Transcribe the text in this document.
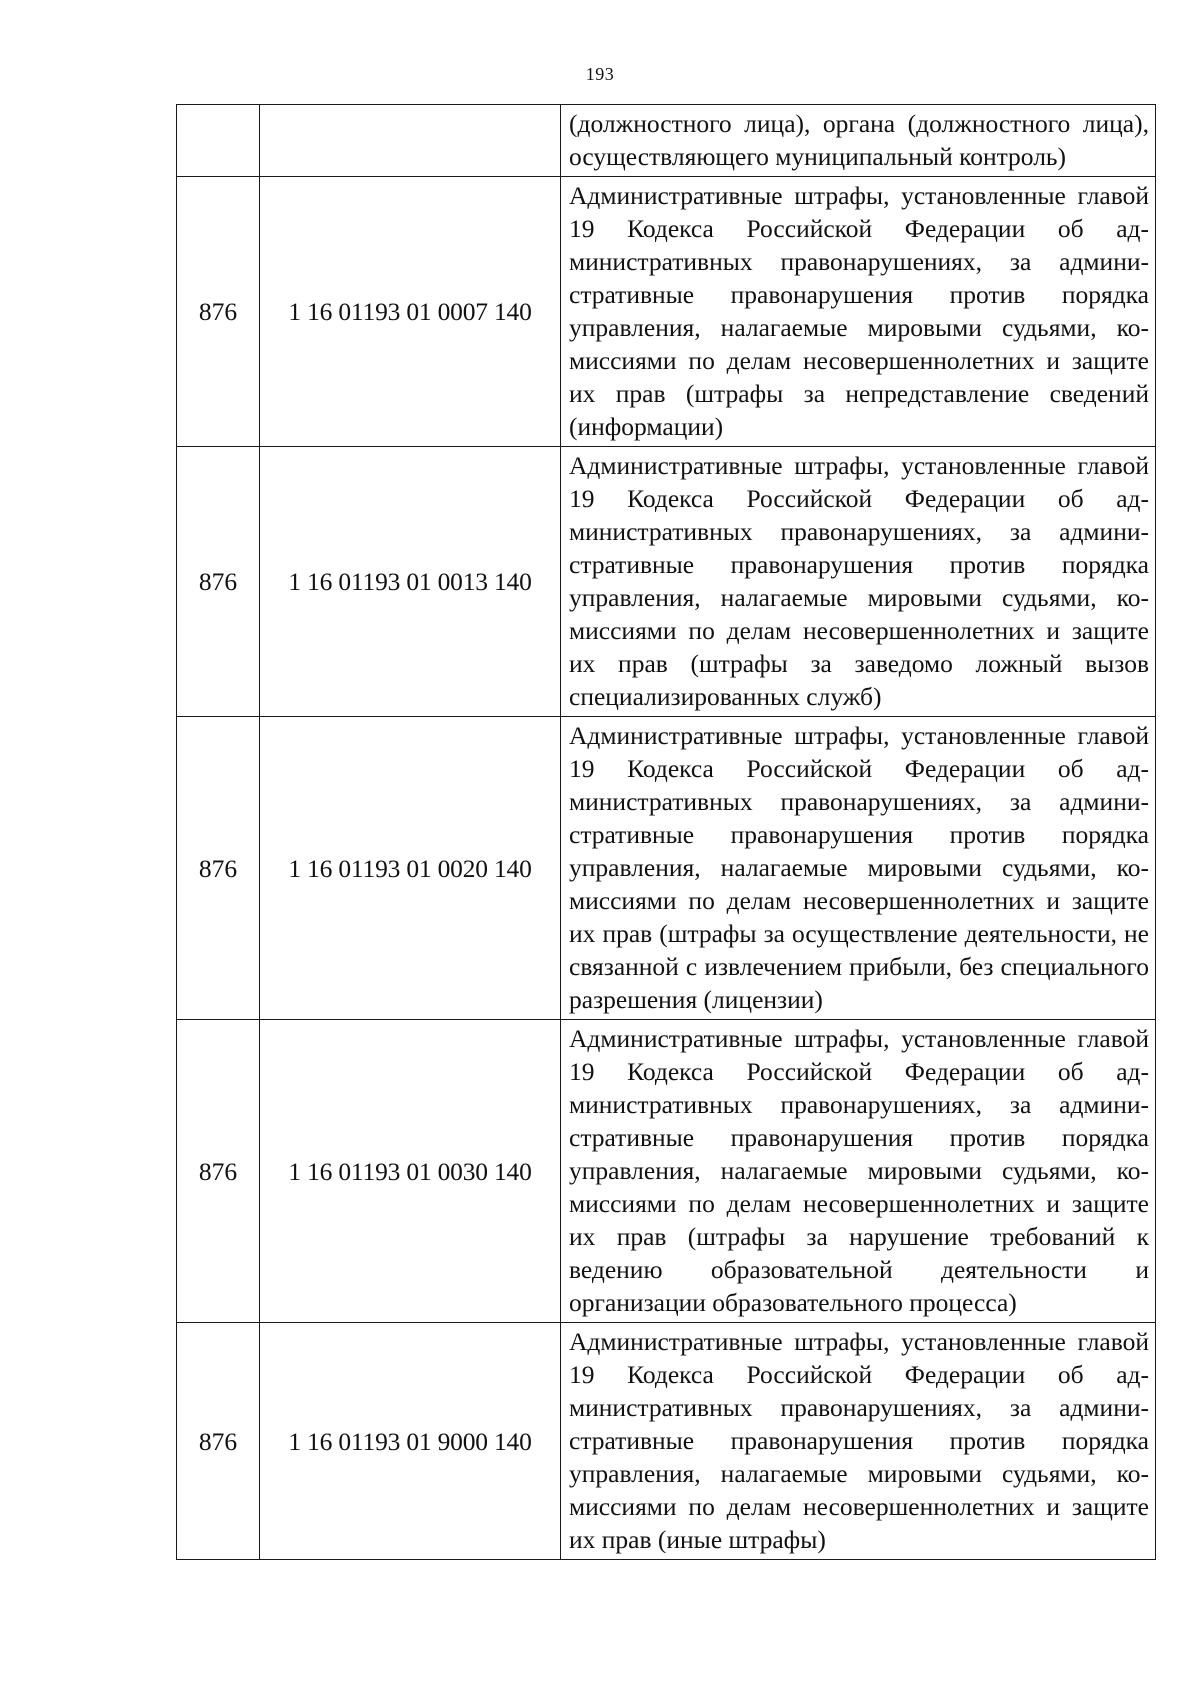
193

		(должностного лица), органа (должностного лица), осуществляющего муниципальный контроль)

876	1 16 01193 01 0007 140	Административные штрафы, установленные главой 19 Кодекса Российской Федерации об административных правонарушениях, за административные правонарушения против порядка управления, налагаемые мировыми судьями, комиссиями по делам несовершеннолетних и защите их прав (штрафы за непредставление сведений (информации)

876	1 16 01193 01 0013 140	Административные штрафы, установленные главой 19 Кодекса Российской Федерации об административных правонарушениях, за административные правонарушения против порядка управления, налагаемые мировыми судьями, комиссиями по делам несовершеннолетних и защите их прав (штрафы за заведомо ложный вызов специализированных служб)

876	1 16 01193 01 0020 140	Административные штрафы, установленные главой 19 Кодекса Российской Федерации об административных правонарушениях, за административные правонарушения против порядка управления, налагаемые мировыми судьями, комиссиями по делам несовершеннолетних и защите их прав (штрафы за осуществление деятельности, не связанной с извлечением прибыли, без специального разрешения (лицензии)

876	1 16 01193 01 0030 140	Административные штрафы, установленные главой 19 Кодекса Российской Федерации об административных правонарушениях, за административные правонарушения против порядка управления, налагаемые мировыми судьями, комиссиями по делам несовершеннолетних и защите их прав (штрафы за нарушение требований к ведению образовательной деятельности и организации образовательного процесса)

876	1 16 01193 01 9000 140	Административные штрафы, установленные главой 19 Кодекса Российской Федерации об административных правонарушениях, за административные правонарушения против порядка управления, налагаемые мировыми судьями, комиссиями по делам несовершеннолетних и защите их прав (иные штрафы)
